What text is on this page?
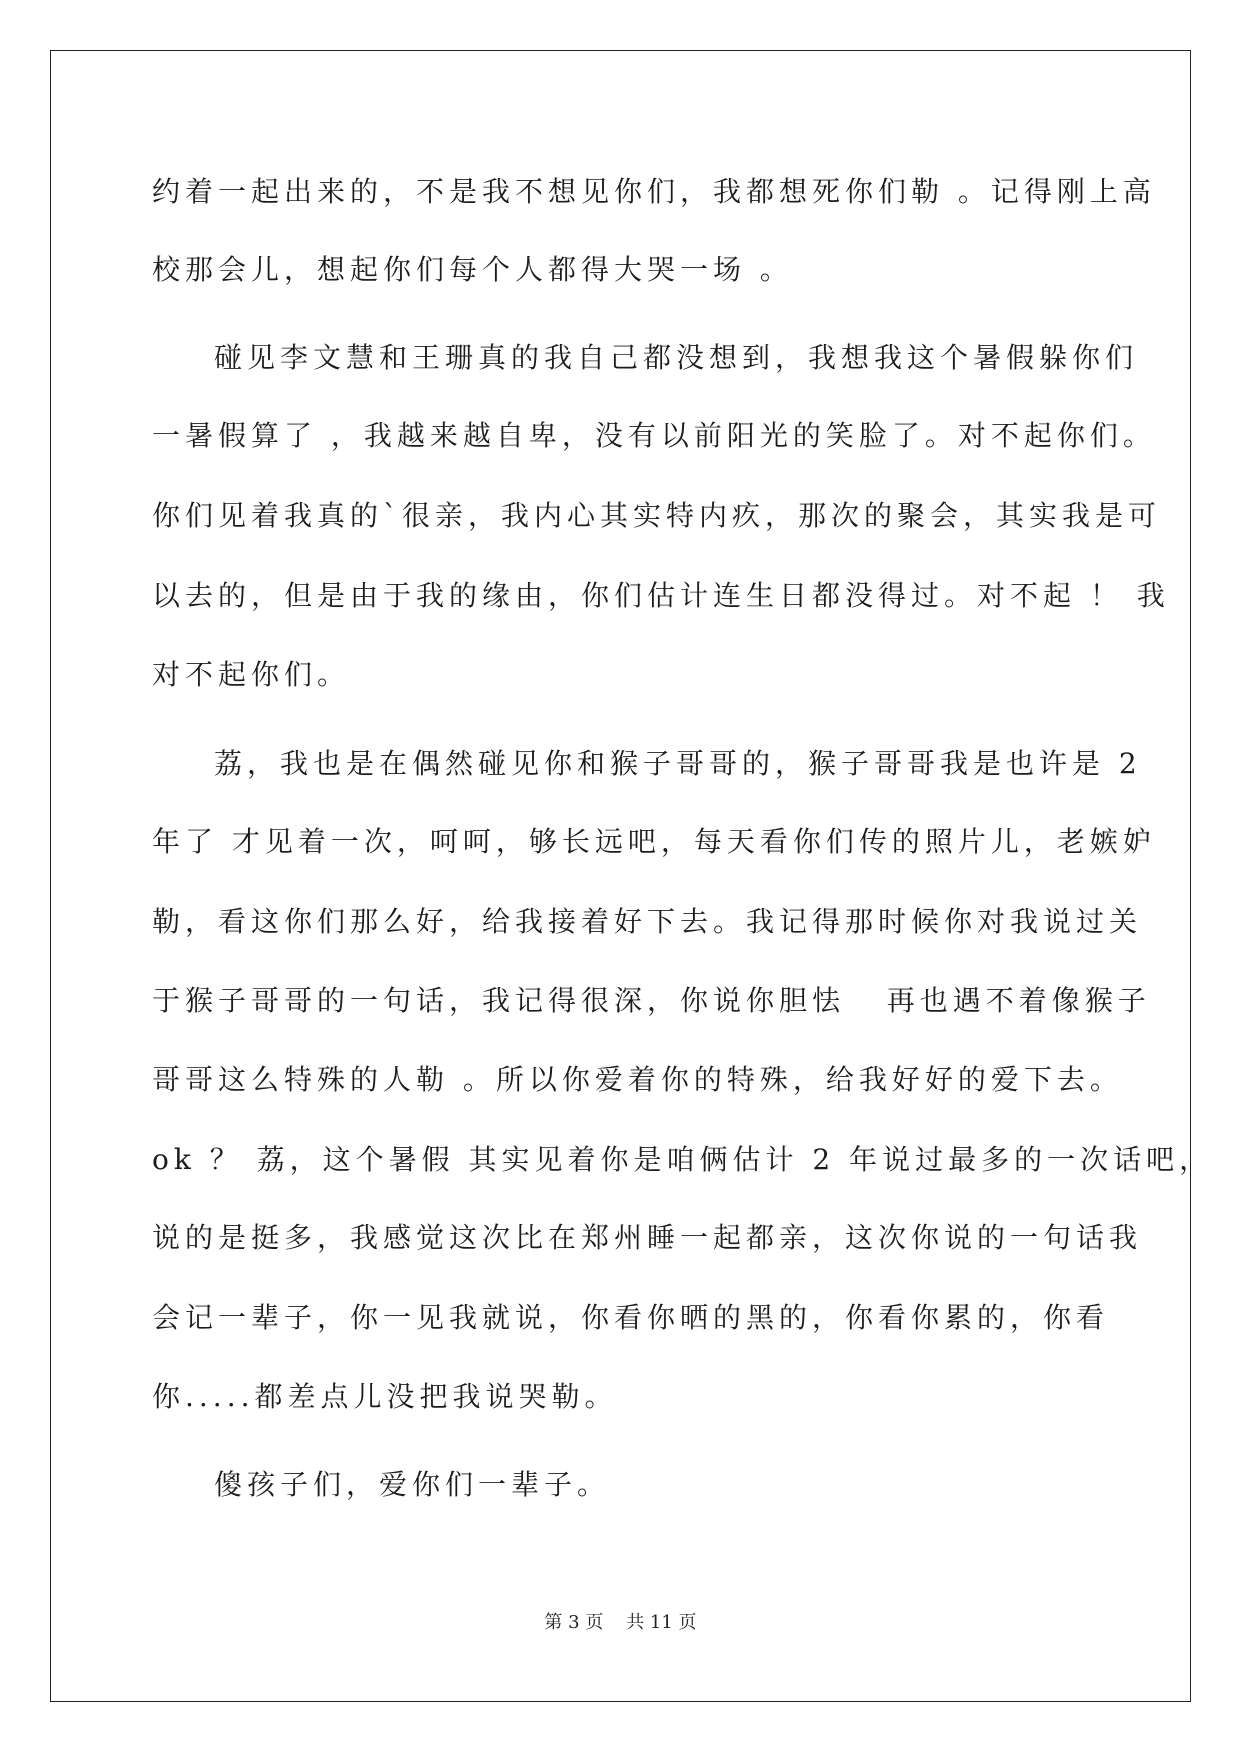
约着一起出来的，不是我不想见你们，我都想死你们勒 。记得刚上高
校那会儿，想起你们每个人都得大哭一场 。
碰见李文慧和王珊真的我自己都没想到，我想我这个暑假躲你们
一暑假算了 ，我越来越自卑，没有以前阳光的笑脸了。对不起你们。
你们见着我真的`很亲，我内心其实特内疚，那次的聚会，其实我是可
以去的，但是由于我的缘由，你们估计连生日都没得过。对不起 ！ 我
对不起你们。
荔，我也是在偶然碰见你和猴子哥哥的，猴子哥哥我是也许是 2
年了 才见着一次，呵呵，够长远吧，每天看你们传的照片儿，老嫉妒
勒，看这你们那么好，给我接着好下去。我记得那时候你对我说过关
于猴子哥哥的一句话，我记得很深，你说你胆怯   再也遇不着像猴子
哥哥这么特殊的人勒 。所以你爱着你的特殊，给我好好的爱下去。
ok ？ 荔，这个暑假 其实见着你是咱俩估计 2 年说过最多的一次话吧，
说的是挺多，我感觉这次比在郑州睡一起都亲，这次你说的一句话我
会记一辈子，你一见我就说，你看你晒的黑的，你看你累的，你看
你.....都差点儿没把我说哭勒。
傻孩子们，爱你们一辈子。
第 3 页    共 11 页
